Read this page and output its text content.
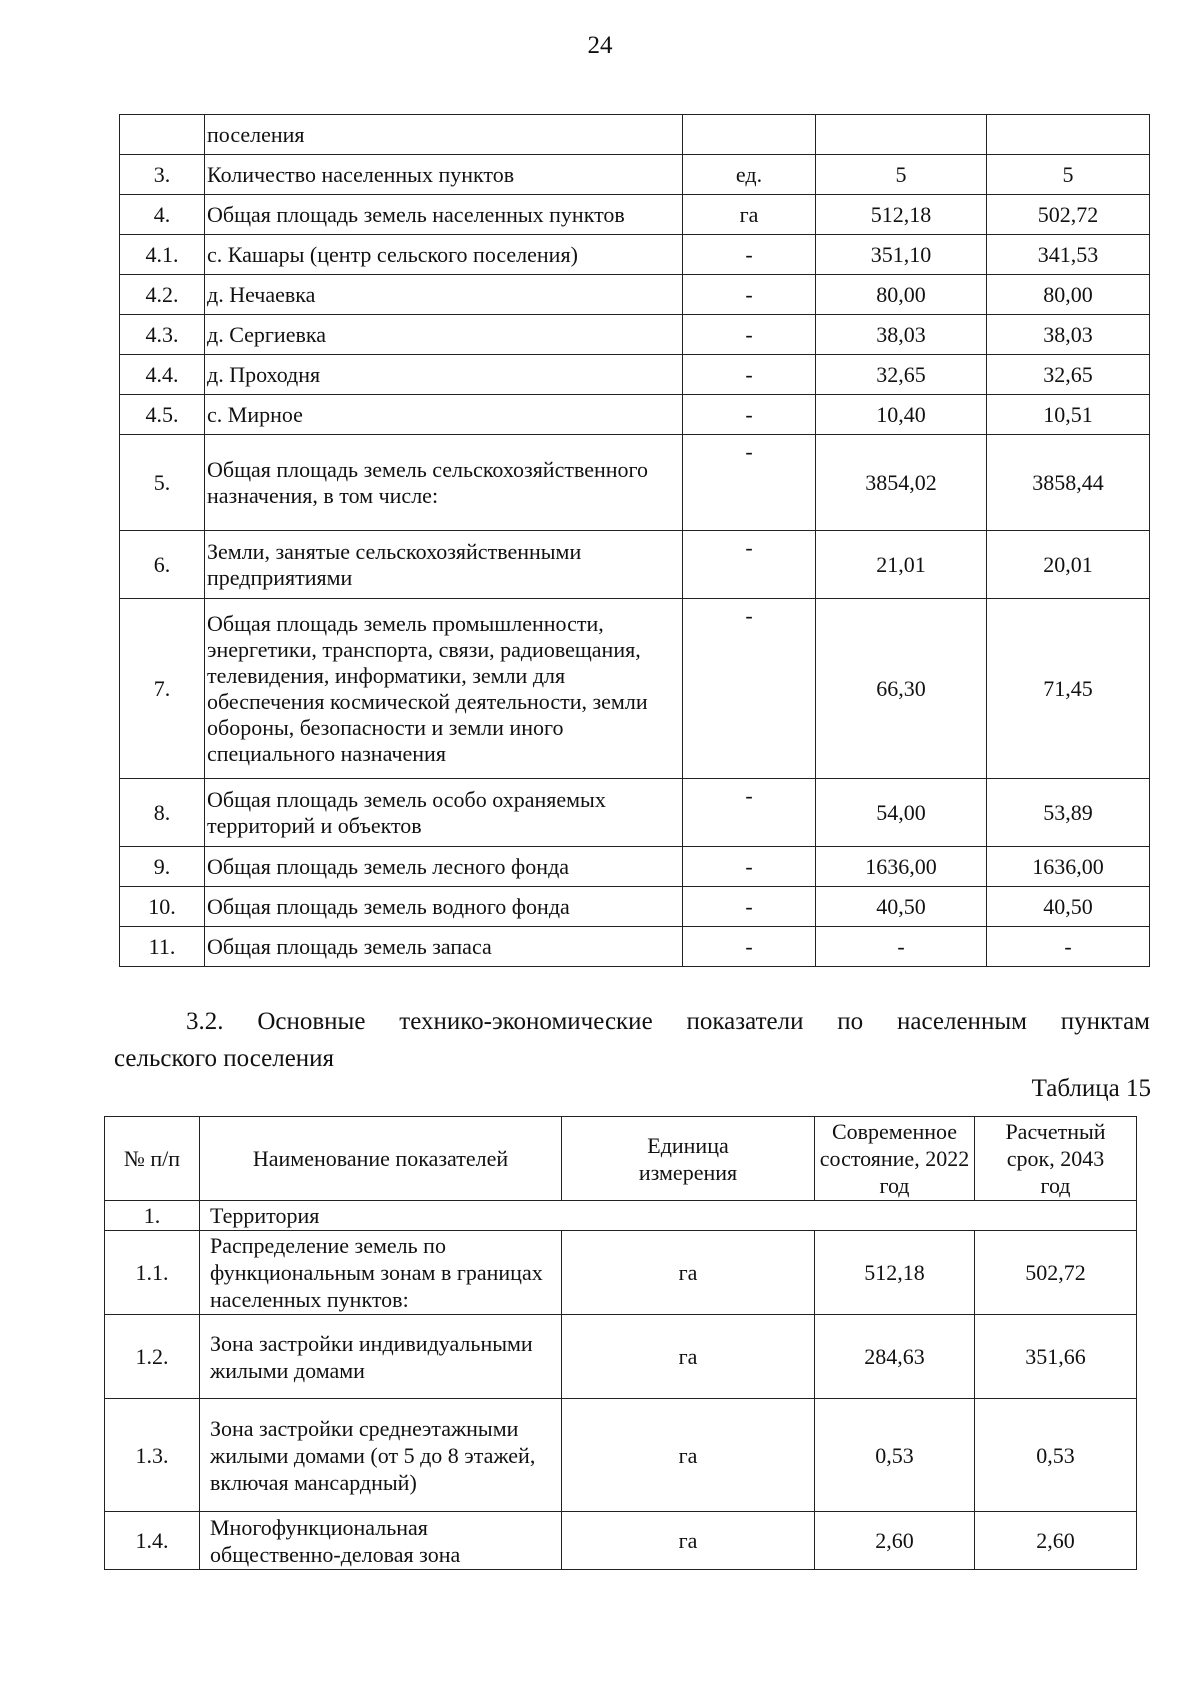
24
	поселения			
3.	Количество населенных пунктов	ед.	5	5
4.	Общая площадь земель населенных пунктов	га	512,18	502,72
4.1.	с. Кашары (центр сельского поселения)	-	351,10	341,53
4.2.	д. Нечаевка	-	80,00	80,00
4.3.	д. Сергиевка	-	38,03	38,03
4.4.	д. Проходня	-	32,65	32,65
4.5.	с. Мирное	-	10,40	10,51
5.	Общая площадь земель сельскохозяйственного назначения, в том числе:	-	3854,02	3858,44
6.	Земли, занятые сельскохозяйственными предприятиями	-	21,01	20,01
7.	Общая площадь земель промышленности, энергетики, транспорта, связи, радиовещания, телевидения, информатики, земли для обеспечения космической деятельности, земли обороны, безопасности и земли иного специального назначения	-	66,30	71,45
8.	Общая площадь земель особо охраняемых территорий и объектов	-	54,00	53,89
9.	Общая площадь земель лесного фонда	-	1636,00	1636,00
10.	Общая площадь земель водного фонда	-	40,50	40,50
11.	Общая площадь земель запаса	-	-	-
3.2. Основные технико-экономические показатели по населенным пунктам
сельского поселения
Таблица 15
№ п/п	Наименование показателей	Единица измерения	Современное состояние, 2022 год	Расчетный срок, 2043 год
1.	Территория			
1.1.	Распределение земель по функциональным зонам в границах населенных пунктов:	га	512,18	502,72
1.2.	Зона застройки индивидуальными жилыми домами	га	284,63	351,66
1.3.	Зона застройки среднеэтажными жилыми домами (от 5 до 8 этажей, включая мансардный)	га	0,53	0,53
1.4.	Многофункциональная общественно-деловая зона	га	2,60	2,60
